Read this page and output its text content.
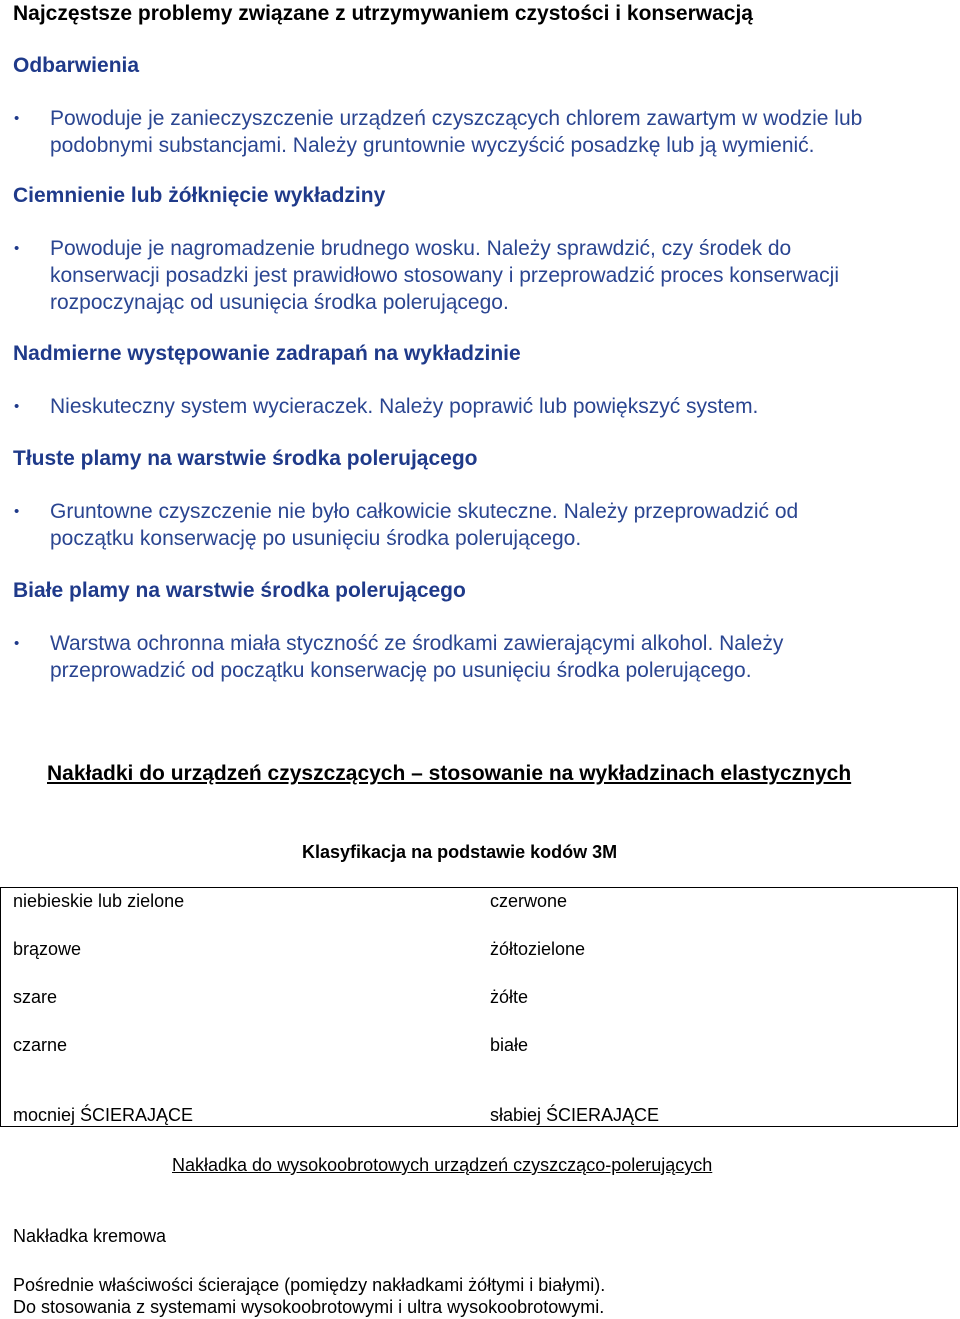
Najczęstsze problemy związane z utrzymywaniem czystości i konserwacją
Odbarwienia
• Powoduje je zanieczyszczenie urządzeń czyszczących chlorem zawartym w wodzie lub
podobnymi substancjami. Należy gruntownie wyczyścić posadzkę lub ją wymienić.
Ciemnienie lub żółknięcie wykładziny
• Powoduje je nagromadzenie brudnego wosku. Należy sprawdzić, czy środek do
konserwacji posadzki jest prawidłowo stosowany i przeprowadzić proces konserwacji
rozpoczynając od usunięcia środka polerującego.
Nadmierne występowanie zadrapań na wykładzinie
• Nieskuteczny system wycieraczek. Należy poprawić lub powiększyć system.
Tłuste plamy na warstwie środka polerującego
• Gruntowne czyszczenie nie było całkowicie skuteczne. Należy przeprowadzić od
początku konserwację po usunięciu środka polerującego.
Białe plamy na warstwie środka polerującego
• Warstwa ochronna miała styczność ze środkami zawierającymi alkohol. Należy
przeprowadzić od początku konserwację po usunięciu środka polerującego.
Nakładki do urządzeń czyszczących – stosowanie na wykładzinach elastycznych
Klasyfikacja na podstawie kodów 3M
niebieskie lub zielone
brązowe
szare
czarne
czerwone
żółtozielone
żółte
białe
mocniej ŚCIERAJĄCE	słabiej ŚCIERAJĄCE
Nakładka do wysokoobrotowych urządzeń czyszcząco-polerujących
Nakładka kremowa
Pośrednie właściwości ścierające (pomiędzy nakładkami żółtymi i białymi).
Do stosowania z systemami wysokoobrotowymi i ultra wysokoobrotowymi.
